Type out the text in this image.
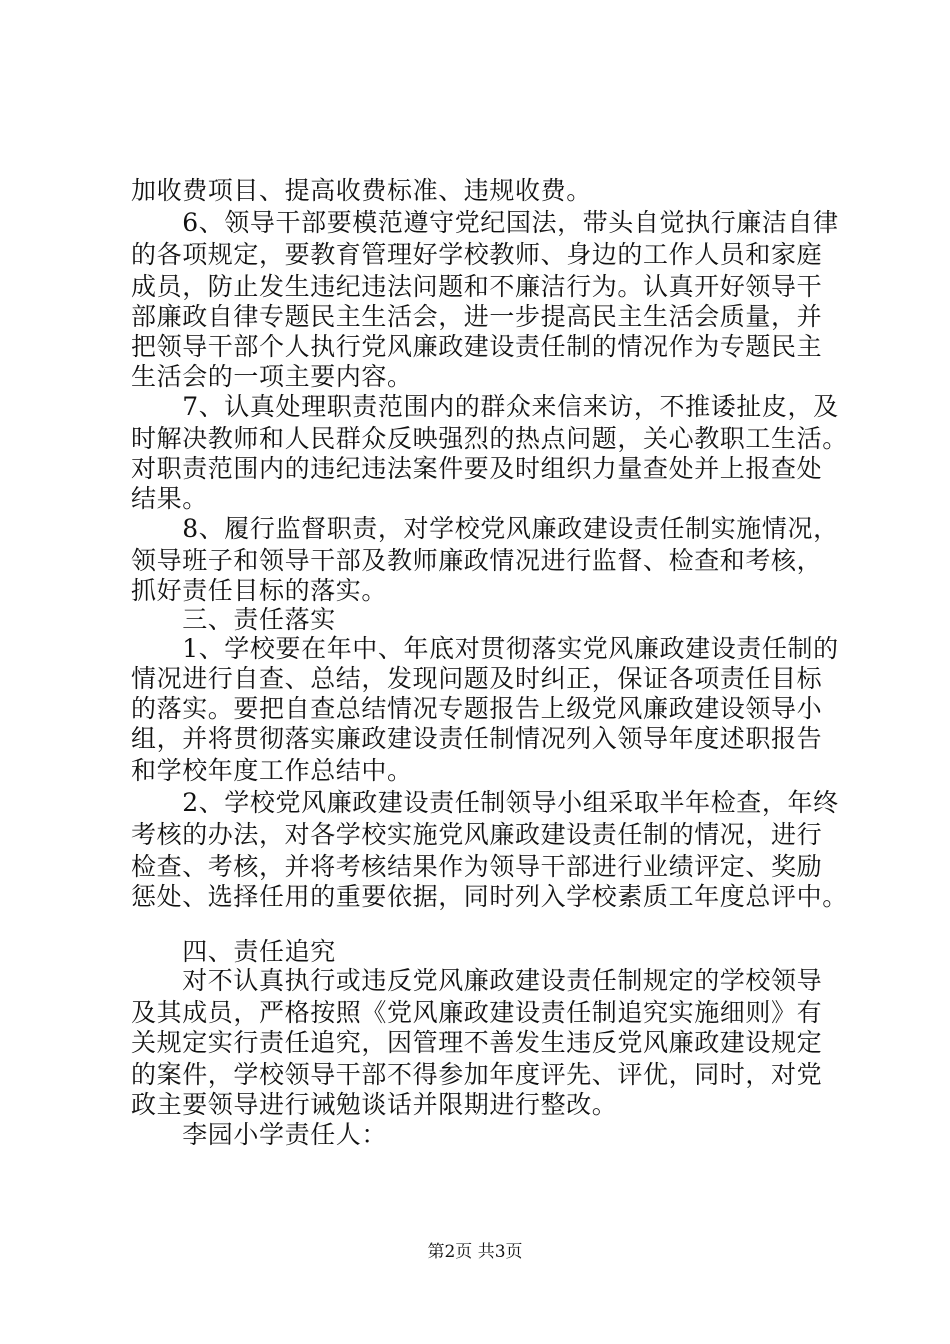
加收费项目、提高收费标准、违规收费。
　　6、领导干部要模范遵守党纪国法，带头自觉执行廉洁自律
的各项规定，要教育管理好学校教师、身边的工作人员和家庭
成员，防止发生违纪违法问题和不廉洁行为。认真开好领导干
部廉政自律专题民主生活会，进一步提高民主生活会质量，并
把领导干部个人执行党风廉政建设责任制的情况作为专题民主
生活会的一项主要内容。
　　7、认真处理职责范围内的群众来信来访，不推诿扯皮，及
时解决教师和人民群众反映强烈的热点问题，关心教职工生活。
对职责范围内的违纪违法案件要及时组织力量查处并上报查处
结果。
　　8、履行监督职责，对学校党风廉政建设责任制实施情况，
领导班子和领导干部及教师廉政情况进行监督、检查和考核，
抓好责任目标的落实。
　　三、责任落实
　　1、学校要在年中、年底对贯彻落实党风廉政建设责任制的
情况进行自查、总结，发现问题及时纠正，保证各项责任目标
的落实。要把自查总结情况专题报告上级党风廉政建设领导小
组，并将贯彻落实廉政建设责任制情况列入领导年度述职报告
和学校年度工作总结中。
　　2、学校党风廉政建设责任制领导小组采取半年检查，年终
考核的办法，对各学校实施党风廉政建设责任制的情况，进行
检查、考核，并将考核结果作为领导干部进行业绩评定、奖励
惩处、选择任用的重要依据，同时列入学校素质工年度总评中。
　　四、责任追究
　　对不认真执行或违反党风廉政建设责任制规定的学校领导
及其成员，严格按照《党风廉政建设责任制追究实施细则》有
关规定实行责任追究，因管理不善发生违反党风廉政建设规定
的案件，学校领导干部不得参加年度评先、评优，同时，对党
政主要领导进行诫勉谈话并限期进行整改。
　　李园小学责任人：
第2页 共3页
